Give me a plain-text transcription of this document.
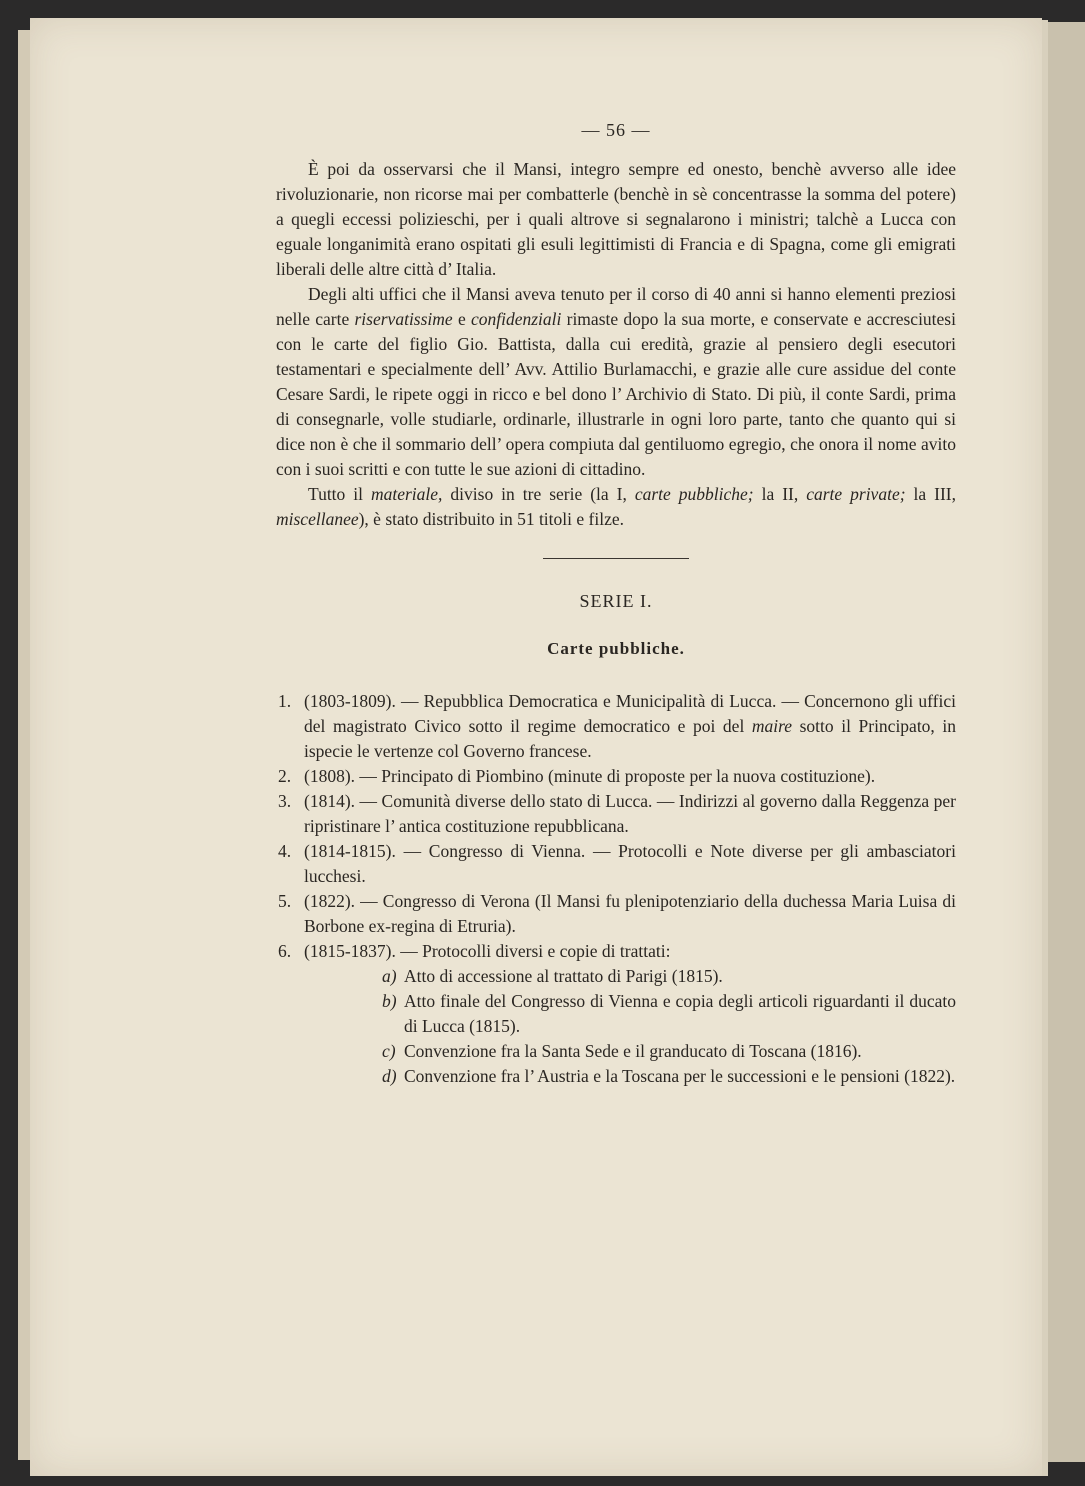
— 56 —

È poi da osservarsi che il Mansi, integro sempre ed onesto, benchè avverso alle idee rivoluzionarie, non ricorse mai per combatterle (benchè in sè concentrasse la somma del potere) a quegli eccessi polizieschi, per i quali altrove si segnalarono i ministri; talchè a Lucca con eguale longanimità erano ospitati gli esuli legittimisti di Francia e di Spagna, come gli emigrati liberali delle altre città d’ Italia.

Degli alti uffici che il Mansi aveva tenuto per il corso di 40 anni si hanno elementi preziosi nelle carte riservatissime e confidenziali rimaste dopo la sua morte, e conservate e accresciutesi con le carte del figlio Gio. Battista, dalla cui eredità, grazie al pensiero degli esecutori testamentari e specialmente dell’ Avv. Attilio Burlamacchi, e grazie alle cure assidue del conte Cesare Sardi, le ripete oggi in ricco e bel dono l’ Archivio di Stato. Di più, il conte Sardi, prima di consegnarle, volle studiarle, ordinarle, illustrarle in ogni loro parte, tanto che quanto qui si dice non è che il sommario dell’ opera compiuta dal gentiluomo egregio, che onora il nome avito con i suoi scritti e con tutte le sue azioni di cittadino.

Tutto il materiale, diviso in tre serie (la I, carte pubbliche; la II, carte private; la III, miscellanee), è stato distribuito in 51 titoli e filze.

SERIE I.
Carte pubbliche.
1. (1803-1809). — Repubblica Democratica e Municipalità di Lucca. — Concernono gli uffici del magistrato Civico sotto il regime democratico e poi del maire sotto il Principato, in ispecie le vertenze col Governo francese.
2. (1808). — Principato di Piombino (minute di proposte per la nuova costituzione).
3. (1814). — Comunità diverse dello stato di Lucca. — Indirizzi al governo dalla Reggenza per ripristinare l’ antica costituzione repubblicana.
4. (1814-1815). — Congresso di Vienna. — Protocolli e Note diverse per gli ambasciatori lucchesi.
5. (1822). — Congresso di Verona (Il Mansi fu plenipotenziario della duchessa Maria Luisa di Borbone ex-regina di Etruria).
6. (1815-1837). — Protocolli diversi e copie di trattati:
a) Atto di accessione al trattato di Parigi (1815).
b) Atto finale del Congresso di Vienna e copia degli articoli riguardanti il ducato di Lucca (1815).
c) Convenzione fra la Santa Sede e il granducato di Toscana (1816).
d) Convenzione fra l’ Austria e la Toscana per le successioni e le pensioni (1822).
